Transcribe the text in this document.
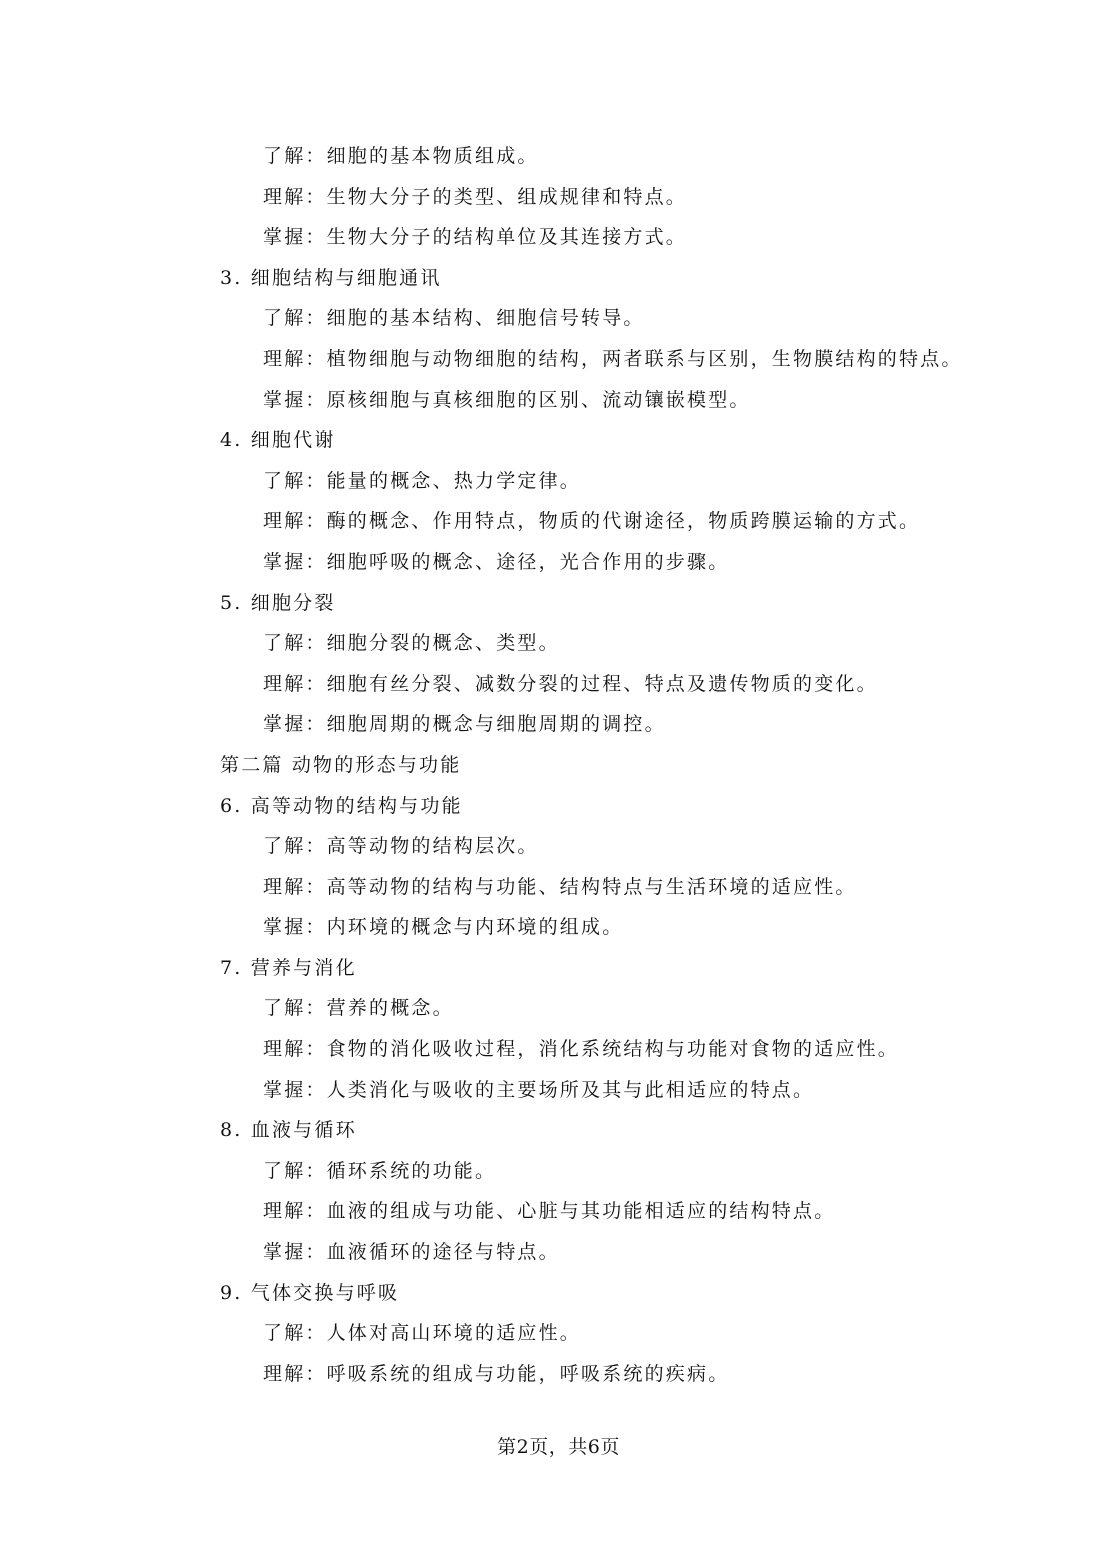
了解：细胞的基本物质组成。
理解：生物大分子的类型、组成规律和特点。
掌握：生物大分子的结构单位及其连接方式。
3. 细胞结构与细胞通讯
了解：细胞的基本结构、细胞信号转导。
理解：植物细胞与动物细胞的结构，两者联系与区别，生物膜结构的特点。
掌握：原核细胞与真核细胞的区别、流动镶嵌模型。
4. 细胞代谢
了解：能量的概念、热力学定律。
理解：酶的概念、作用特点，物质的代谢途径，物质跨膜运输的方式。
掌握：细胞呼吸的概念、途径，光合作用的步骤。
5. 细胞分裂
了解：细胞分裂的概念、类型。
理解：细胞有丝分裂、减数分裂的过程、特点及遗传物质的变化。
掌握：细胞周期的概念与细胞周期的调控。
第二篇 动物的形态与功能
6. 高等动物的结构与功能
了解：高等动物的结构层次。
理解：高等动物的结构与功能、结构特点与生活环境的适应性。
掌握：内环境的概念与内环境的组成。
7. 营养与消化
了解：营养的概念。
理解：食物的消化吸收过程，消化系统结构与功能对食物的适应性。
掌握：人类消化与吸收的主要场所及其与此相适应的特点。
8. 血液与循环
了解：循环系统的功能。
理解：血液的组成与功能、心脏与其功能相适应的结构特点。
掌握：血液循环的途径与特点。
9. 气体交换与呼吸
了解：人体对高山环境的适应性。
理解：呼吸系统的组成与功能，呼吸系统的疾病。
第2页，共6页
